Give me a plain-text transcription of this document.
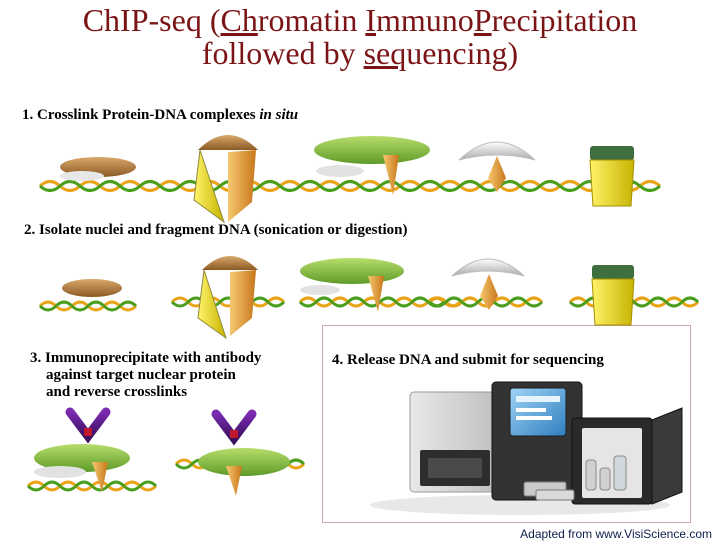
ChIP-seq (Chromatin ImmunoPrecipitation
followed by sequencing)
1. Crosslink Protein-DNA complexes in situ
2. Isolate nuclei and fragment DNA (sonication or digestion)
3. Immunoprecipitate with antibody
against target nuclear protein
and reverse crosslinks
4. Release DNA and submit for sequencing
Adapted from www.VisiScience.com
